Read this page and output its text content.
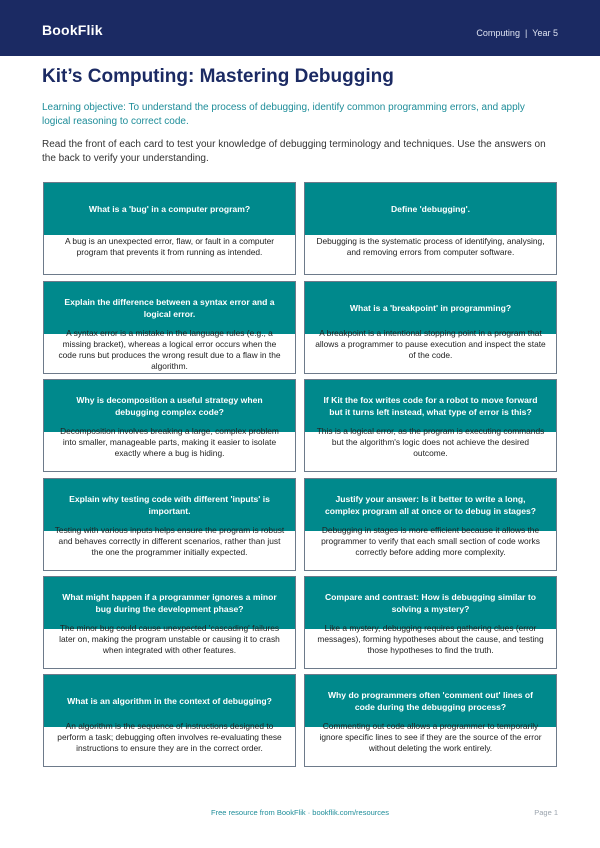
BookFlik	Computing | Year 5
Kit’s Computing: Mastering Debugging
Learning objective: To understand the process of debugging, identify common programming errors, and apply logical reasoning to correct code.
Read the front of each card to test your knowledge of debugging terminology and techniques. Use the answers on the back to verify your understanding.
What is a 'bug' in a computer program?
A bug is an unexpected error, flaw, or fault in a computer program that prevents it from running as intended.
Define 'debugging'.
Debugging is the systematic process of identifying, analysing, and removing errors from computer software.
Explain the difference between a syntax error and a logical error.
A syntax error is a mistake in the language rules (e.g., a missing bracket), whereas a logical error occurs when the code runs but produces the wrong result due to a flaw in the algorithm.
What is a 'breakpoint' in programming?
A breakpoint is a intentional stopping point in a program that allows a programmer to pause execution and inspect the state of the code.
Why is decomposition a useful strategy when debugging complex code?
Decomposition involves breaking a large, complex problem into smaller, manageable parts, making it easier to isolate exactly where a bug is hiding.
If Kit the fox writes code for a robot to move forward but it turns left instead, what type of error is this?
This is a logical error, as the program is executing commands but the algorithm's logic does not achieve the desired outcome.
Explain why testing code with different 'inputs' is important.
Testing with various inputs helps ensure the program is robust and behaves correctly in different scenarios, rather than just the one the programmer initially expected.
Justify your answer: Is it better to write a long, complex program all at once or to debug in stages?
Debugging in stages is more efficient because it allows the programmer to verify that each small section of code works correctly before adding more complexity.
What might happen if a programmer ignores a minor bug during the development phase?
The minor bug could cause unexpected 'cascading' failures later on, making the program unstable or causing it to crash when integrated with other features.
Compare and contrast: How is debugging similar to solving a mystery?
Like a mystery, debugging requires gathering clues (error messages), forming hypotheses about the cause, and testing those hypotheses to find the truth.
What is an algorithm in the context of debugging?
An algorithm is the sequence of instructions designed to perform a task; debugging often involves re-evaluating these instructions to ensure they are in the correct order.
Why do programmers often 'comment out' lines of code during the debugging process?
Commenting out code allows a programmer to temporarily ignore specific lines to see if they are the source of the error without deleting the work entirely.
Free resource from BookFlik · bookflik.com/resources	Page 1
